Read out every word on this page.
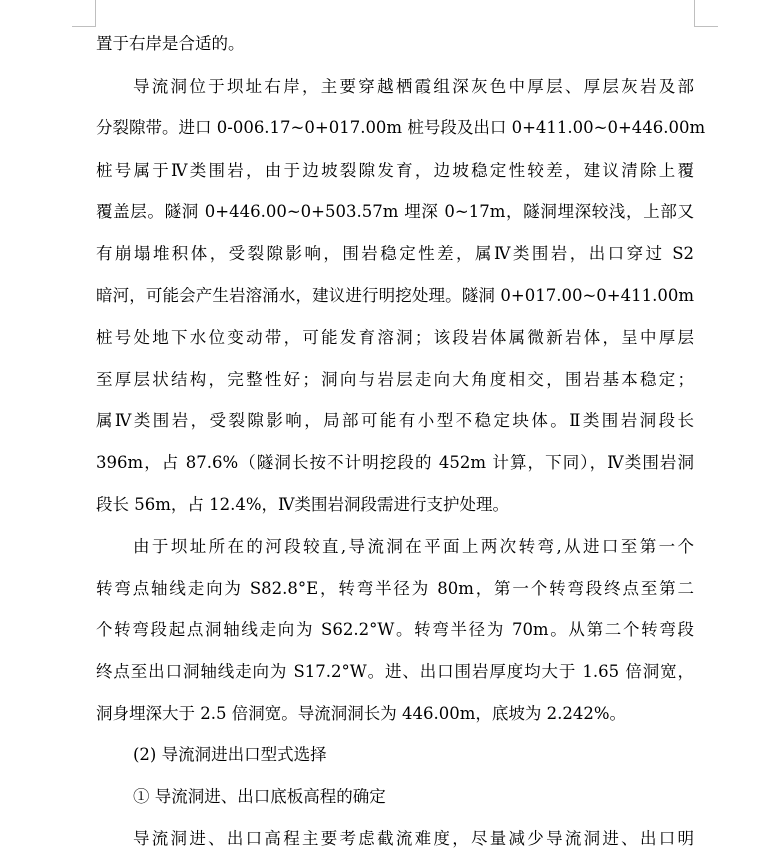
置于右岸是合适的。
导流洞位于坝址右岸，主要穿越栖霞组深灰色中厚层、厚层灰岩及部
分裂隙带。进口 0-006.17~0+017.00m 桩号段及出口 0+411.00~0+446.00m
桩号属于Ⅳ类围岩，由于边坡裂隙发育，边坡稳定性较差，建议清除上覆
覆盖层。隧洞 0+446.00~0+503.57m 埋深 0~17m，隧洞埋深较浅，上部又
有崩塌堆积体，受裂隙影响，围岩稳定性差，属Ⅳ类围岩，出口穿过 S2
暗河，可能会产生岩溶涌水，建议进行明挖处理。隧洞 0+017.00~0+411.00m
桩号处地下水位变动带，可能发育溶洞；该段岩体属微新岩体，呈中厚层
至厚层状结构，完整性好；洞向与岩层走向大角度相交，围岩基本稳定；
属Ⅳ类围岩，受裂隙影响，局部可能有小型不稳定块体。Ⅱ类围岩洞段长
396m，占 87.6%（隧洞长按不计明挖段的 452m 计算，下同），Ⅳ类围岩洞
段长 56m，占 12.4%，Ⅳ类围岩洞段需进行支护处理。
由于坝址所在的河段较直,导流洞在平面上两次转弯,从进口至第一个
转弯点轴线走向为 S82.8°E，转弯半径为 80m，第一个转弯段终点至第二
个转弯段起点洞轴线走向为 S62.2°W。转弯半径为 70m。从第二个转弯段
终点至出口洞轴线走向为 S17.2°W。进、出口围岩厚度均大于 1.65 倍洞宽，
洞身埋深大于 2.5 倍洞宽。导流洞洞长为 446.00m，底坡为 2.242%。
(2) 导流洞进出口型式选择
① 导流洞进、出口底板高程的确定
导流洞进、出口高程主要考虑截流难度，尽量减少导流洞进、出口明
